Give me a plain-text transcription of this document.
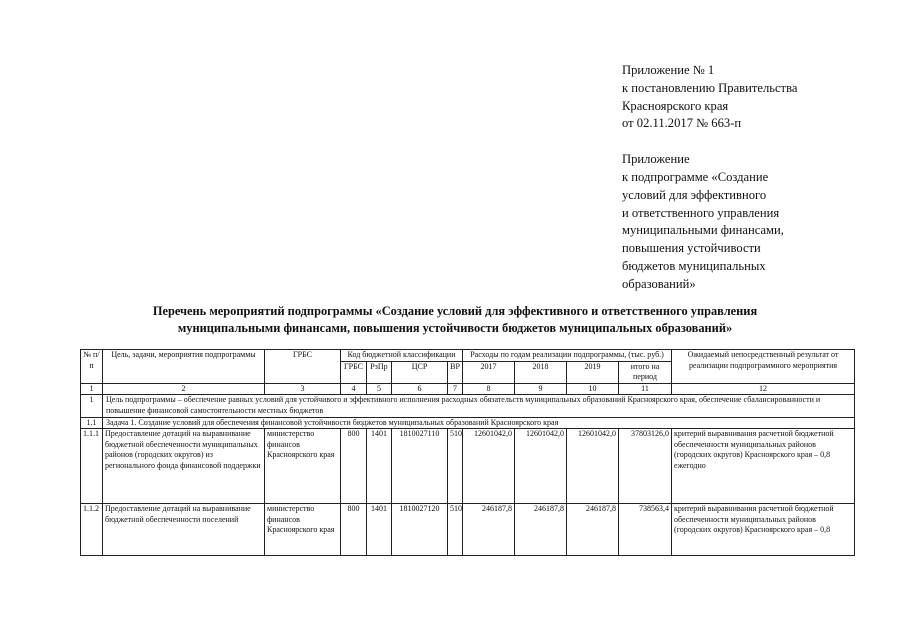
Приложение № 1
к постановлению Правительства
Красноярского края
от 02.11.2017 № 663-п
Приложение
к подпрограмме «Создание
условий для эффективного
и ответственного управления
муниципальными финансами,
повышения устойчивости
бюджетов муниципальных
образований»
Перечень мероприятий подпрограммы «Создание условий для эффективного и ответственного управления
муниципальными финансами, повышения устойчивости бюджетов муниципальных образований»
№ п/п	Цель, задачи, мероприятия подпрограммы	ГРБС	Код бюджетной классификации				Расходы по годам реализации подпрограммы, (тыс. руб.)				Ожидаемый непосредственный результат от реализации подпрограммного мероприятия
			ГРБС	РзПр	ЦСР	ВР	2017	2018	2019	итого на период	
1	2	3	4	5	6	7	8	9	10	11	12
1	Цель подпрограммы – обеспечение равных условий для устойчивого и эффективного исполнения расходных обязательств муниципальных образований Красноярского края, обеспечение сбалансированности и повышение финансовой самостоятельности местных бюджетов										
1.1	Задача 1. Создание условий для обеспечения финансовой устойчивости бюджетов муниципальных образований Красноярского края										
1.1.1	Предоставление дотаций на выравнивание бюджетной обеспеченности муниципальных районов (городских округов) из регионального фонда финансовой поддержки	министерство финансов Красноярского края	800	1401	1810027110	510	12601042,0	12601042,0	12601042,0	37803126,0	критерий выравнивания расчетной бюджетной обеспеченности муниципальных районов (городских округов) Красноярского края – 0,8 ежегодно
1.1.2	Предоставление дотаций на выравнивание бюджетной обеспеченности поселений	министерство финансов Красноярского края	800	1401	1810027120	510	246187,8	246187,8	246187,8	738563,4	критерий выравнивания расчетной бюджетной обеспеченности муниципальных районов (городских округов) Красноярского края – 0,8
